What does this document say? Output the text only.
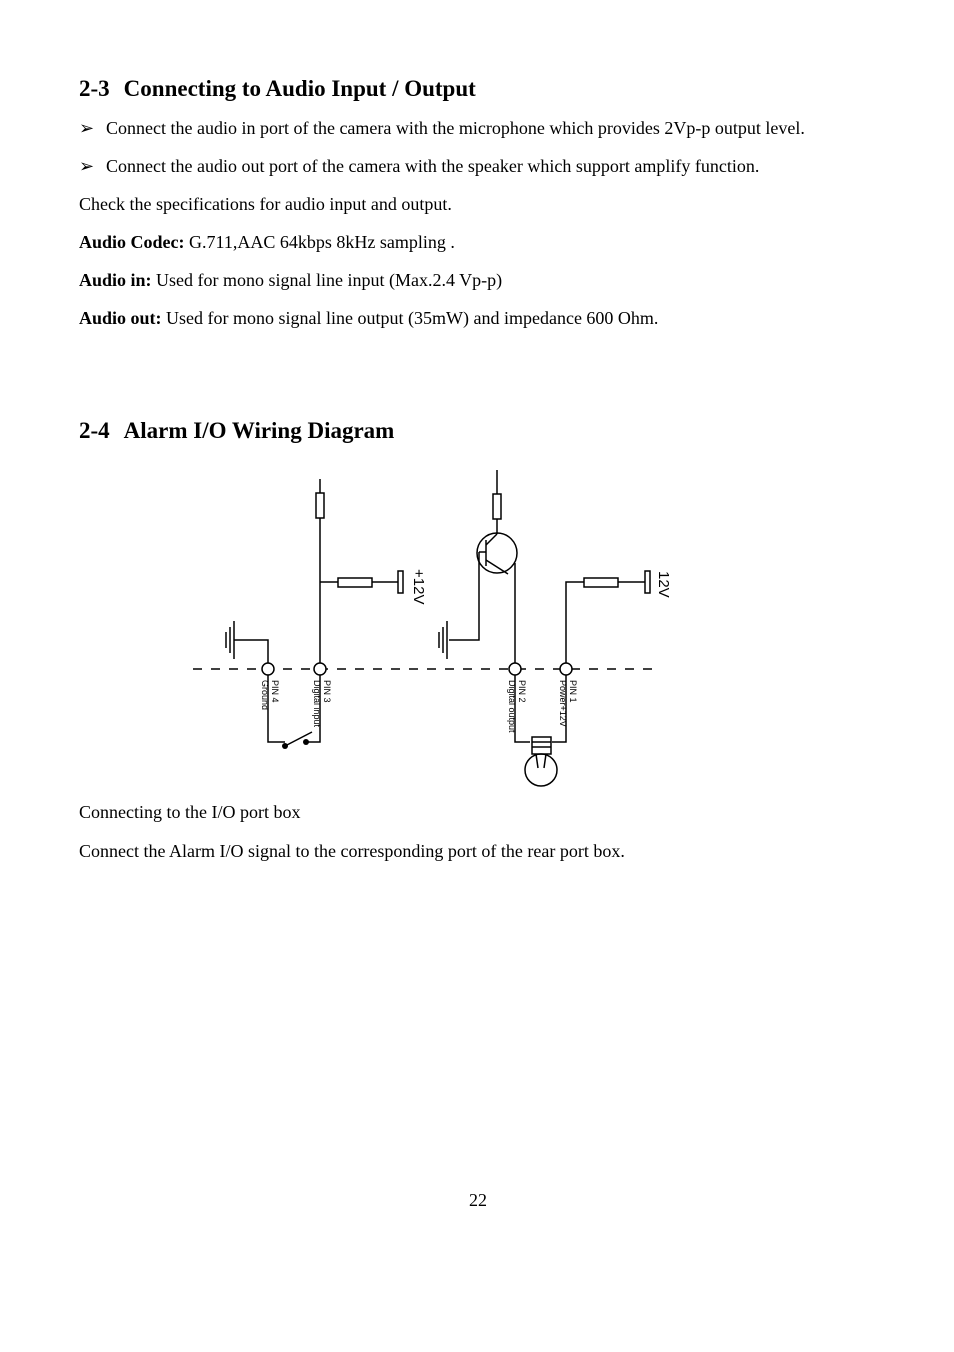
2-3 Connecting to Audio Input / Output
➢ Connect the audio in port of the camera with the microphone which provides 2Vp-p output level.
➢ Connect the audio out port of the camera with the speaker which support amplify function.
Check the specifications for audio input and output.
Audio Codec: G.711,AAC 64kbps 8kHz sampling .
Audio in: Used for mono signal line input (Max.2.4 Vp-p)
Audio out: Used for mono signal line output (35mW) and impedance 600 Ohm.
2-4 Alarm I/O Wiring Diagram
+12V	12V
PIN 4
Ground	PIN 3
Digital input	PIN 2
Digital output	PIN 1
Power+12V
Connecting to the I/O port box
Connect the Alarm I/O signal to the corresponding port of the rear port box.
22
